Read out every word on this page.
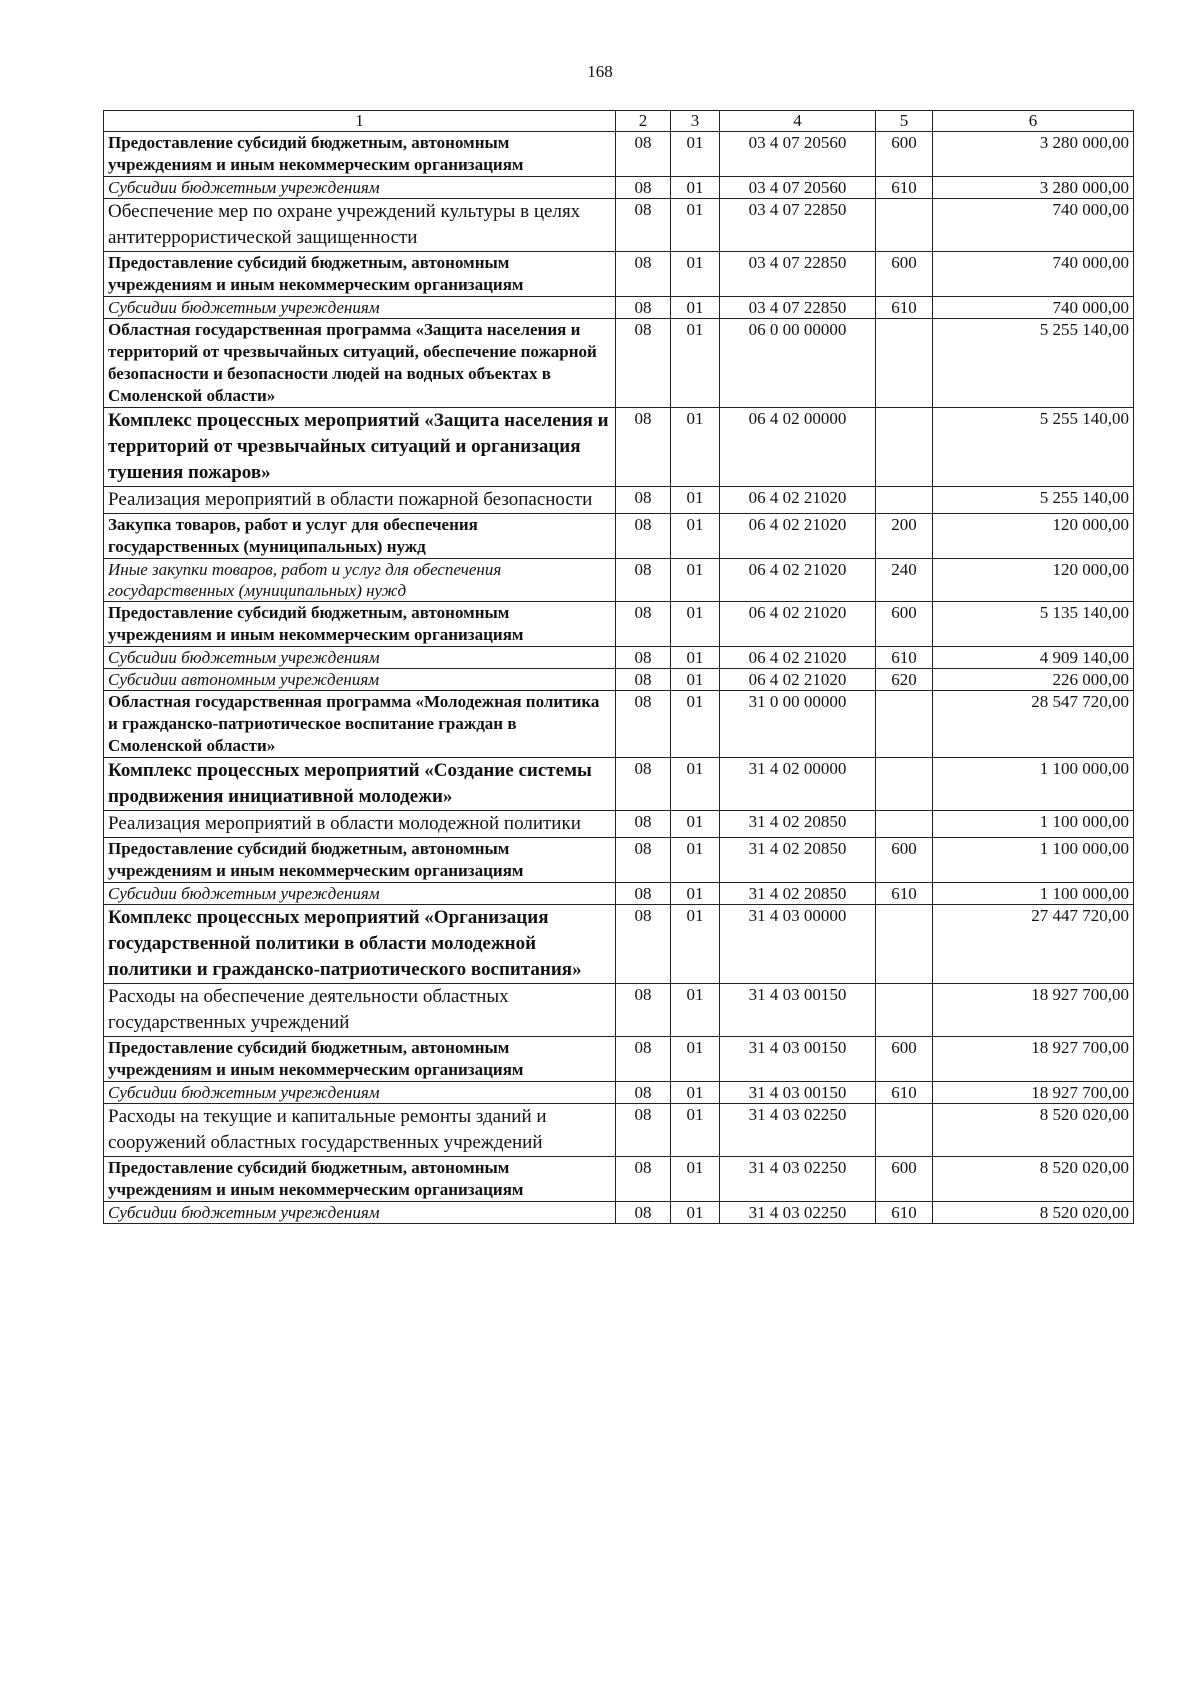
168
1	2	3	4	5	6
Предоставление субсидий бюджетным, автономным учреждениям и иным некоммерческим организациям	08	01	03 4 07 20560	600	3 280 000,00
Субсидии бюджетным учреждениям	08	01	03 4 07 20560	610	3 280 000,00
Обеспечение мер по охране учреждений культуры в целях антитеррористической защищенности	08	01	03 4 07 22850		740 000,00
Предоставление субсидий бюджетным, автономным учреждениям и иным некоммерческим организациям	08	01	03 4 07 22850	600	740 000,00
Субсидии бюджетным учреждениям	08	01	03 4 07 22850	610	740 000,00
Областная государственная программа «Защита населения и территорий от чрезвычайных ситуаций, обеспечение пожарной безопасности и безопасности людей на водных объектах в Смоленской области»	08	01	06 0 00 00000		5 255 140,00
Комплекс процессных мероприятий «Защита населения и территорий от чрезвычайных ситуаций и организация тушения пожаров»	08	01	06 4 02 00000		5 255 140,00
Реализация мероприятий в области пожарной безопасности	08	01	06 4 02 21020		5 255 140,00
Закупка товаров, работ и услуг для обеспечения государственных (муниципальных) нужд	08	01	06 4 02 21020	200	120 000,00
Иные закупки товаров, работ и услуг для обеспечения государственных (муниципальных) нужд	08	01	06 4 02 21020	240	120 000,00
Предоставление субсидий бюджетным, автономным учреждениям и иным некоммерческим организациям	08	01	06 4 02 21020	600	5 135 140,00
Субсидии бюджетным учреждениям	08	01	06 4 02 21020	610	4 909 140,00
Субсидии автономным учреждениям	08	01	06 4 02 21020	620	226 000,00
Областная государственная программа «Молодежная политика и гражданско-патриотическое воспитание граждан в Смоленской области»	08	01	31 0 00 00000		28 547 720,00
Комплекс процессных мероприятий «Создание системы продвижения инициативной молодежи»	08	01	31 4 02 00000		1 100 000,00
Реализация мероприятий в области молодежной политики	08	01	31 4 02 20850		1 100 000,00
Предоставление субсидий бюджетным, автономным учреждениям и иным некоммерческим организациям	08	01	31 4 02 20850	600	1 100 000,00
Субсидии бюджетным учреждениям	08	01	31 4 02 20850	610	1 100 000,00
Комплекс процессных мероприятий «Организация государственной политики в области молодежной политики и гражданско-патриотического воспитания»	08	01	31 4 03 00000		27 447 720,00
Расходы на обеспечение деятельности областных государственных учреждений	08	01	31 4 03 00150		18 927 700,00
Предоставление субсидий бюджетным, автономным учреждениям и иным некоммерческим организациям	08	01	31 4 03 00150	600	18 927 700,00
Субсидии бюджетным учреждениям	08	01	31 4 03 00150	610	18 927 700,00
Расходы на текущие и капитальные ремонты зданий и сооружений областных государственных учреждений	08	01	31 4 03 02250		8 520 020,00
Предоставление субсидий бюджетным, автономным учреждениям и иным некоммерческим организациям	08	01	31 4 03 02250	600	8 520 020,00
Субсидии бюджетным учреждениям	08	01	31 4 03 02250	610	8 520 020,00
